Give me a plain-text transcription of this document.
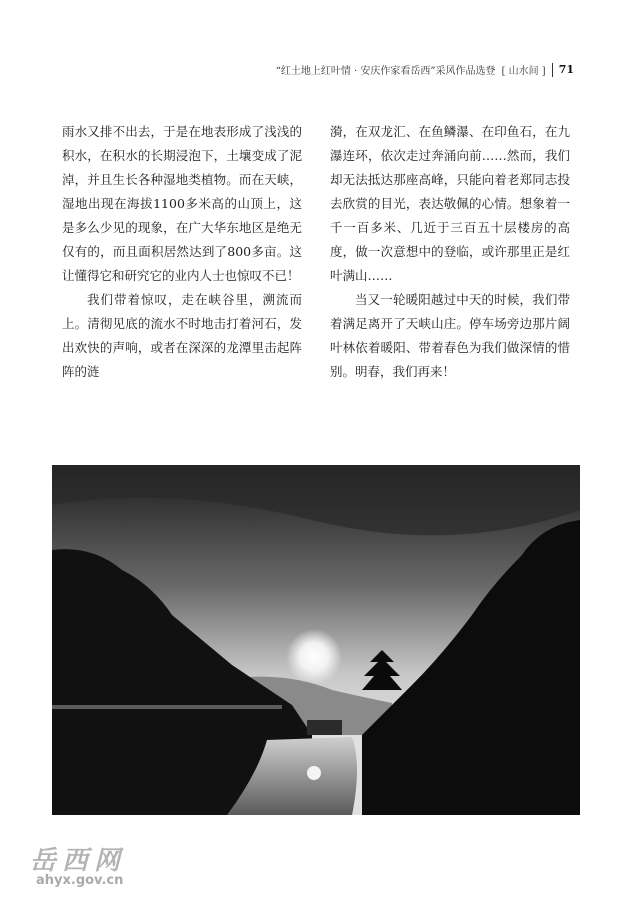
“红土地上红叶情 · 安庆作家看岳西”采风作品选登 [ 山水间 ] 71

雨水又排不出去，于是在地表形成了浅浅的积水，在积水的长期浸泡下，土壤变成了泥淖，并且生长各种湿地类植物。而在天峡，湿地出现在海拔1100多米高的山顶上，这是多么少见的现象，在广大华东地区是绝无仅有的，而且面积居然达到了800多亩。这让懂得它和研究它的业内人士也惊叹不已！

我们带着惊叹，走在峡谷里，溯流而上。清彻见底的流水不时地击打着河石，发出欢快的声响，或者在深深的龙潭里击起阵阵的涟

漪，在双龙汇、在鱼鳞瀑、在印鱼石，在九瀑连环，依次走过奔涌向前……然而，我们却无法抵达那座高峰，只能向着老郑同志投去欣赏的目光，表达敬佩的心情。想象着一千一百多米、几近于三百五十层楼房的高度，做一次意想中的登临，或许那里正是红叶满山……

当又一轮暖阳越过中天的时候，我们带着满足离开了天峡山庄。停车场旁边那片阔叶林依着暖阳、带着春色为我们做深情的惜别。明春，我们再来！

岳西网
ahyx.gov.cn
